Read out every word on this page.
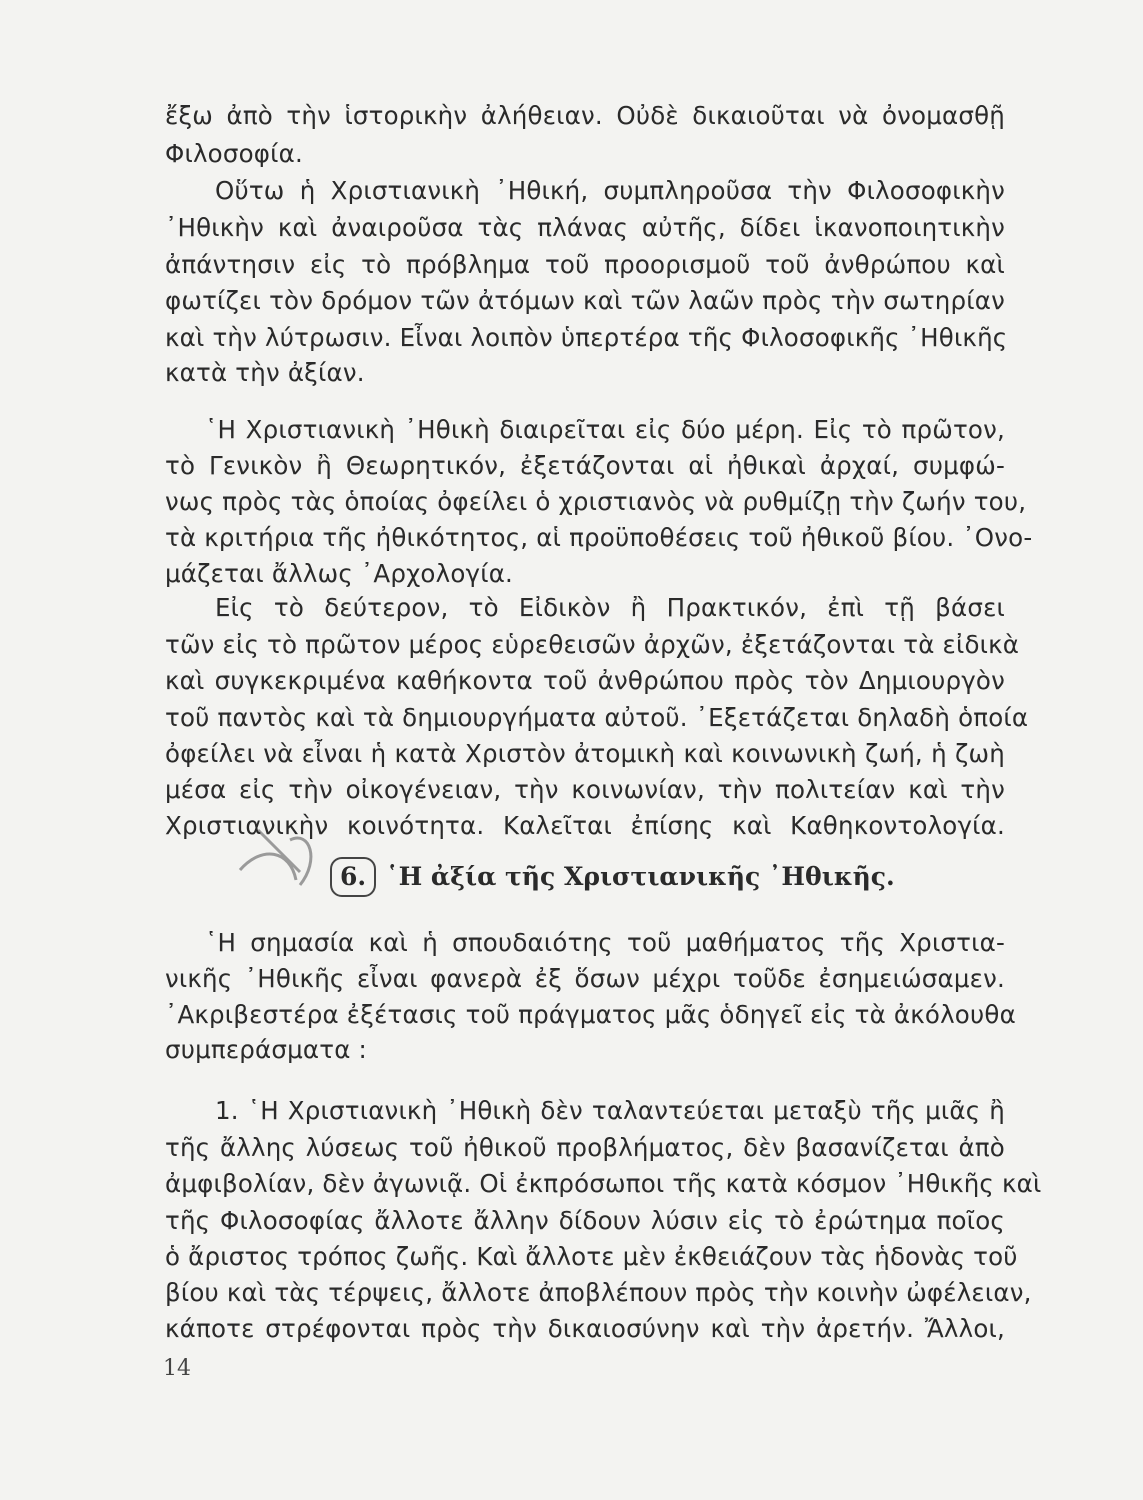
ἔξω ἀπὸ τὴν ἱστορικὴν ἀλήθειαν. Οὐδὲ δικαιοῦται νὰ ὀνομασθῇ
Φιλοσοφία.
Οὕτω ἡ Χριστιανικὴ ᾿Ηθική, συμπληροῦσα τὴν Φιλοσοφικὴν
᾿Ηθικὴν καὶ ἀναιροῦσα τὰς πλάνας αὐτῆς, δίδει ἱκανοποιητικὴν
ἀπάντησιν εἰς τὸ πρόβλημα τοῦ προορισμοῦ τοῦ ἀνθρώπου καὶ
φωτίζει τὸν δρόμον τῶν ἀτόμων καὶ τῶν λαῶν πρὸς τὴν σωτηρίαν
καὶ τὴν λύτρωσιν. Εἶναι λοιπὸν ὑπερτέρα τῆς Φιλοσοφικῆς ᾿Ηθικῆς
κατὰ τὴν ἀξίαν.
῾Η Χριστιανικὴ ᾿Ηθικὴ διαιρεῖται εἰς δύο μέρη. Εἰς τὸ πρῶτον,
τὸ Γενικὸν ἢ Θεωρητικόν, ἐξετάζονται αἱ ἠθικαὶ ἀρχαί, συμφώ-
νως πρὸς τὰς ὁποίας ὀφείλει ὁ χριστιανὸς νὰ ρυθμίζῃ τὴν ζωήν του,
τὰ κριτήρια τῆς ἠθικότητος, αἱ προϋποθέσεις τοῦ ἠθικοῦ βίου. ᾿Ονο-
μάζεται ἄλλως ᾿Αρχολογία.
Εἰς τὸ δεύτερον, τὸ Εἰδικὸν ἢ Πρακτικόν, ἐπὶ τῇ βάσει
τῶν εἰς τὸ πρῶτον μέρος εὑρεθεισῶν ἀρχῶν, ἐξετάζονται τὰ εἰδικὰ
καὶ συγκεκριμένα καθήκοντα τοῦ ἀνθρώπου πρὸς τὸν Δημιουργὸν
τοῦ παντὸς καὶ τὰ δημιουργήματα αὐτοῦ. ᾿Εξετάζεται δηλαδὴ ὁποία
ὀφείλει νὰ εἶναι ἡ κατὰ Χριστὸν ἀτομικὴ καὶ κοινωνικὴ ζωή, ἡ ζωὴ
μέσα εἰς τὴν οἰκογένειαν, τὴν κοινωνίαν, τὴν πολιτείαν καὶ τὴν
Χριστιανικὴν κοινότητα. Καλεῖται ἐπίσης καὶ Καθηκοντολογία.
6. ῾Η ἀξία τῆς Χριστιανικῆς ᾿Ηθικῆς.
῾Η σημασία καὶ ἡ σπουδαιότης τοῦ μαθήματος τῆς Χριστια-
νικῆς ᾿Ηθικῆς εἶναι φανερὰ ἐξ ὅσων μέχρι τοῦδε ἐσημειώσαμεν.
᾿Ακριβεστέρα ἐξέτασις τοῦ πράγματος μᾶς ὁδηγεῖ εἰς τὰ ἀκόλουθα
συμπεράσματα :
1. ῾Η Χριστιανικὴ ᾿Ηθικὴ δὲν ταλαντεύεται μεταξὺ τῆς μιᾶς ἢ
τῆς ἄλλης λύσεως τοῦ ἠθικοῦ προβλήματος, δὲν βασανίζεται ἀπὸ
ἀμφιβολίαν, δὲν ἀγωνιᾷ. Οἱ ἐκπρόσωποι τῆς κατὰ κόσμον ᾿Ηθικῆς καὶ
τῆς Φιλοσοφίας ἄλλοτε ἄλλην δίδουν λύσιν εἰς τὸ ἐρώτημα ποῖος
ὁ ἄριστος τρόπος ζωῆς. Καὶ ἄλλοτε μὲν ἐκθειάζουν τὰς ἡδονὰς τοῦ
βίου καὶ τὰς τέρψεις, ἄλλοτε ἀποβλέπουν πρὸς τὴν κοινὴν ὠφέλειαν,
κάποτε στρέφονται πρὸς τὴν δικαιοσύνην καὶ τὴν ἀρετήν. Ἄλλοι,
14
